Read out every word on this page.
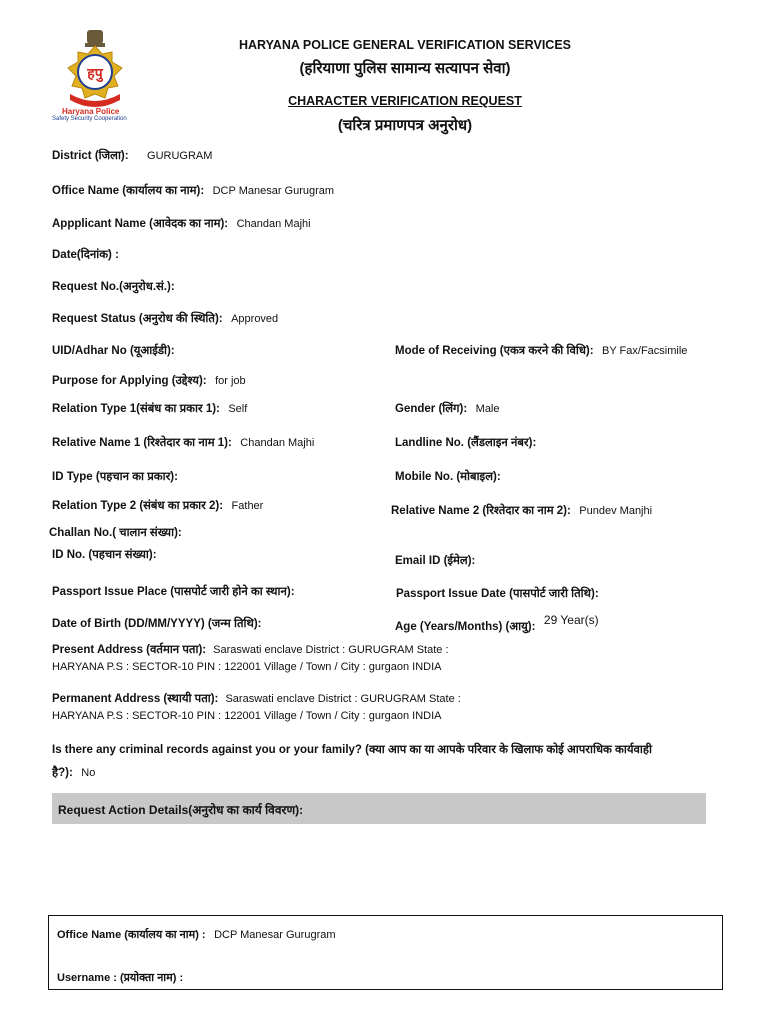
हपु
Haryana Police
Safety Security Cooperation
HARYANA POLICE GENERAL VERIFICATION SERVICES
(हरियाणा पुलिस सामान्य सत्यापन सेवा)
CHARACTER VERIFICATION REQUEST
(चरित्र प्रमाणपत्र अनुरोध)
District (जिला): GURUGRAM
Office Name (कार्यालय का नाम): DCP Manesar Gurugram
Appplicant Name (आवेदक का नाम): Chandan Majhi
Date(दिनांक) :
Request No.(अनुरोध.सं.):
Request Status (अनुरोध की स्थिति): Approved
UID/Adhar No (यूआईडी):
Purpose for Applying (उद्देश्य): for job
Relation Type 1(संबंध का प्रकार 1): Self
Relative Name 1 (रिश्तेदार का नाम 1): Chandan Majhi
ID Type (पहचान का प्रकार):
Relation Type 2 (संबंध का प्रकार 2): Father
Challan No.( चालान संख्या):
ID No. (पहचान संख्या):
Passport Issue Place (पासपोर्ट जारी होने का स्थान):
Date of Birth (DD/MM/YYYY) (जन्म तिथि):
Mode of Receiving (एकत्र करने की विधि): BY Fax/Facsimile
Gender (लिंग): Male
Landline No. (लैंडलाइन नंबर):
Mobile No. (मोबाइल):
Relative Name 2 (रिश्तेदार का नाम 2): Pundev Manjhi
Email ID (ईमेल):
Passport Issue Date (पासपोर्ट जारी तिथि):
Age (Years/Months) (आयु): $^{29 Year(s)}$
Present Address (वर्तमान पता): Saraswati enclave District : GURUGRAM State :
HARYANA P.S : SECTOR-10 PIN : 122001 Village / Town / City : gurgaon INDIA
Permanent Address (स्थायी पता): Saraswati enclave District : GURUGRAM State :
HARYANA P.S : SECTOR-10 PIN : 122001 Village / Town / City : gurgaon INDIA
Is there any criminal records against you or your family? (क्या आप का या आपके परिवार के खिलाफ कोई आपराधिक कार्यवाही
है?): No
Request Action Details(अनुरोध का कार्य विवरण):
Office Name (कार्यालय का नाम) : DCP Manesar Gurugram
Username : (प्रयोक्ता नाम) :
